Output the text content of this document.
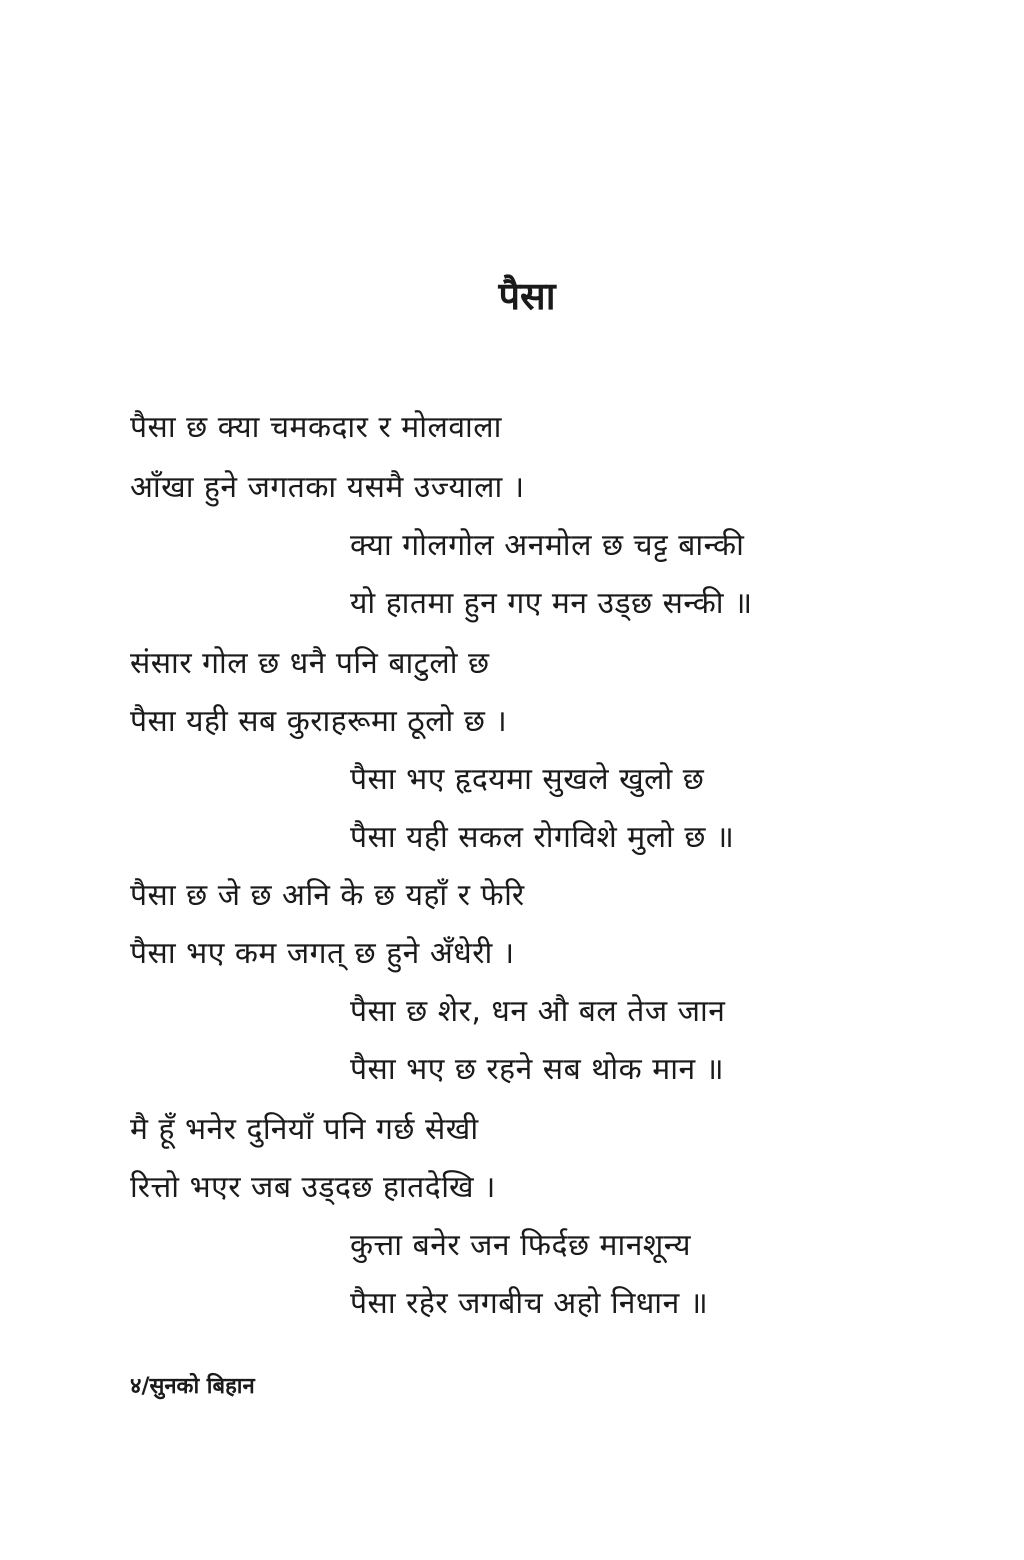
पैसा
पैसा छ क्या चमकदार र मोलवाला
आँखा हुने जगतका यसमै उज्याला ।
क्या गोलगोल अनमोल छ चट्ट बान्की
यो हातमा हुन गए मन उड्छ सन्की ॥
संसार गोल छ धनै पनि बाटुलो छ
पैसा यही सब कुराहरूमा ठूलो छ ।
पैसा भए हृदयमा सुखले खुलो छ
पैसा यही सकल रोगविशे मुलो छ ॥
पैसा छ जे छ अनि के छ यहाँ र फेरि
पैसा भए कम जगत् छ हुने अँधेरी ।
पैसा छ शेर, धन औ बल तेज जान
पैसा भए छ रहने सब थोक मान ॥
मै हूँ भनेर दुनियाँ पनि गर्छ सेखी
रित्तो भएर जब उड्दछ हातदेखि ।
कुत्ता बनेर जन फिर्दछ मानशून्य
पैसा रहेर जगबीच अहो निधान ॥
४/सुनको बिहान
